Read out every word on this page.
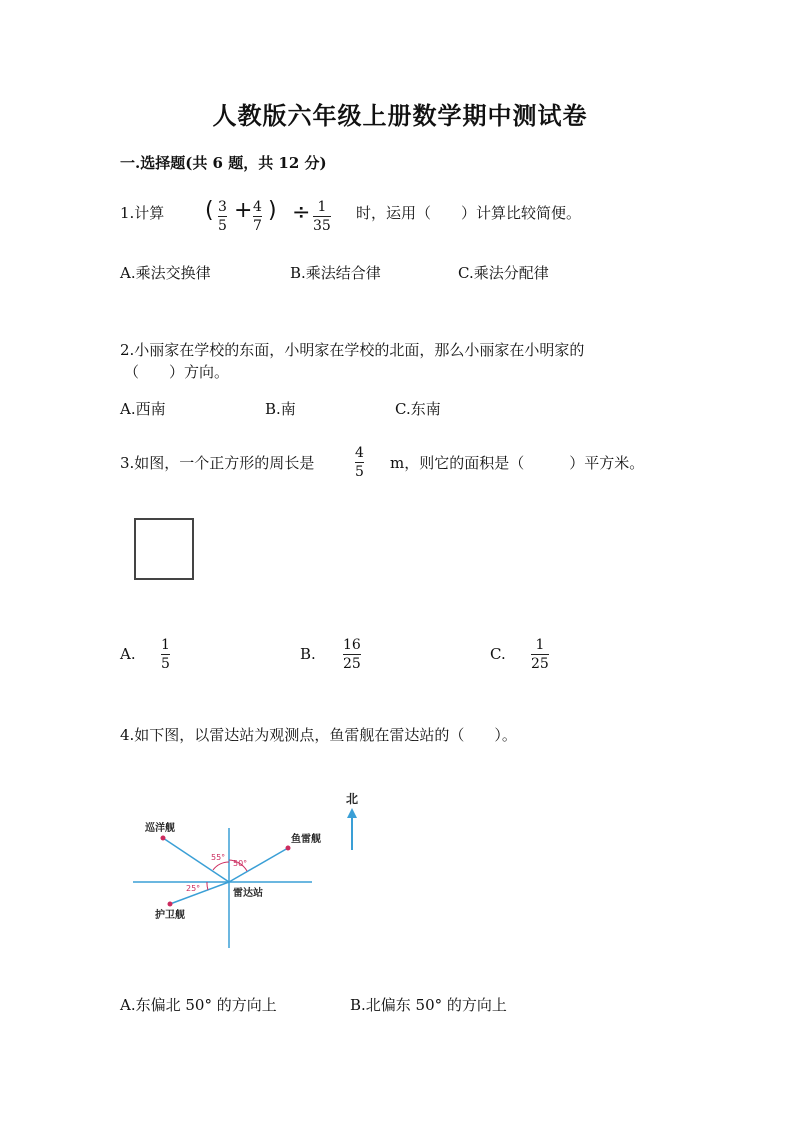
人教版六年级上册数学期中测试卷
一.选择题(共 6 题，共 12 分)
1.计算 ( 3
5
+ 4
7
) ÷ 1
35
时，运用（　　）计算比较简便。
A.乘法交换律	B.乘法结合律	C.乘法分配律
2.小丽家在学校的东面，小明家在学校的北面，那么小丽家在小明家的
（　　）方向。
A.西南	B.南	C.东南
3.如图，一个正方形的周长是
4
5 m，则它的面积是（　　　）平方米。
A. 1
5
B. 16
25
C. 1
25
4.如下图，以雷达站为观测点，鱼雷舰在雷达站的（　　）。
北
巡洋舰
鱼雷舰
雷达站
护卫舰
55°
50°
25°
A.东偏北 50° 的方向上	B.北偏东 50° 的方向上
